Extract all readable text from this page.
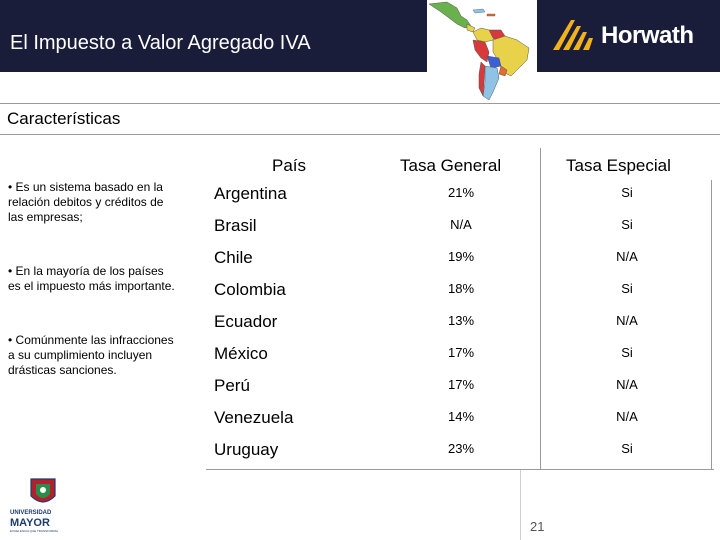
El Impuesto a Valor Agregado IVA	Horwath
Características
• Es un sistema basado en la
relación debitos y créditos de
las empresas;
• En la mayoría de los países
es el impuesto más importante.
• Comúnmente las infracciones
a su cumplimiento incluyen
drásticas sanciones.
País	Tasa General	Tasa Especial
Argentina	21%	Si
Brasil	N/A	Si
Chile	19%	N/A
Colombia	18%	Si
Ecuador	13%	N/A
México	17%	Si
Perú	17%	N/A
Venezuela	14%	N/A
Uruguay	23%	Si
21
UNIVERSIDAD
MAYOR
EXCELENCIA QUE TRANSFORMA
